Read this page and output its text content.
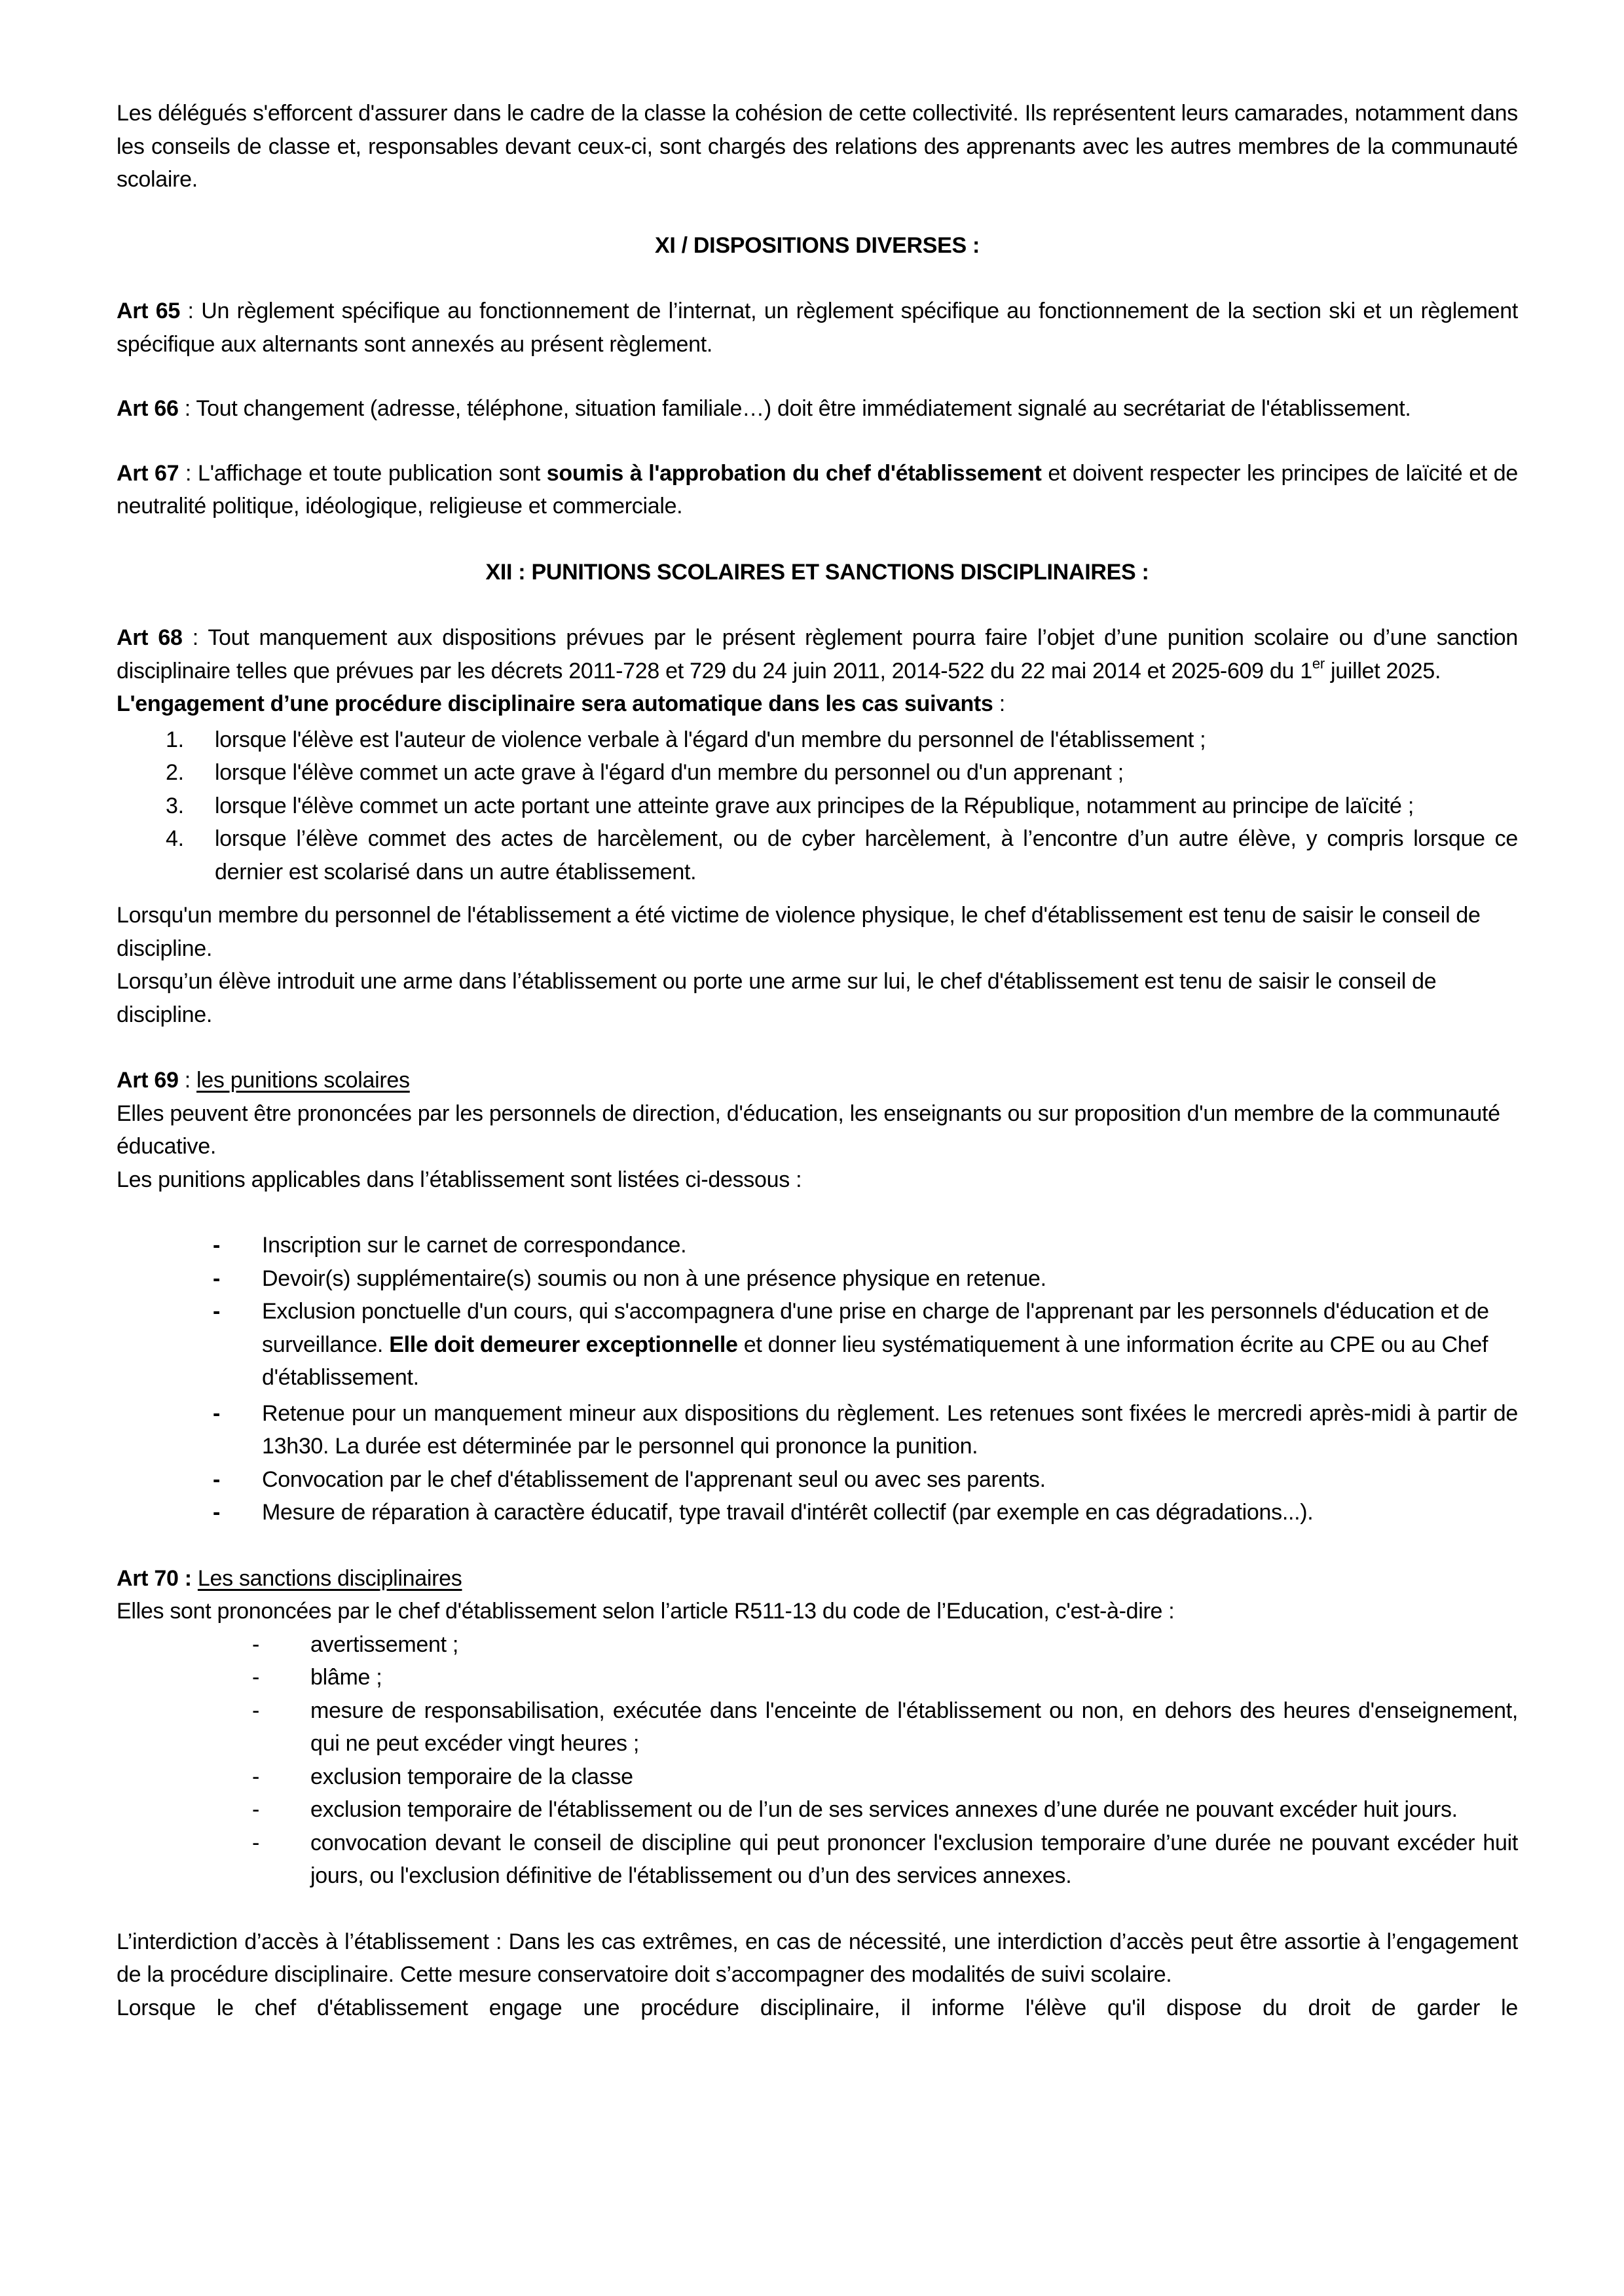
Les délégués s'efforcent d'assurer dans le cadre de la classe la cohésion de cette collectivité. Ils représentent leurs camarades, notamment dans les conseils de classe et, responsables devant ceux-ci, sont chargés des relations des apprenants avec les autres membres de la communauté scolaire.

XI / DISPOSITIONS DIVERSES :

Art 65 : Un règlement spécifique au fonctionnement de l’internat, un règlement spécifique au fonctionnement de la section ski et un règlement spécifique aux alternants sont annexés au présent règlement.

Art 66 : Tout changement (adresse, téléphone, situation familiale…) doit être immédiatement signalé au secrétariat de l'établissement.

Art 67 : L'affichage et toute publication sont soumis à l'approbation du chef d'établissement et doivent respecter les principes de laïcité et de neutralité politique, idéologique, religieuse et commerciale.

XII : PUNITIONS SCOLAIRES ET SANCTIONS DISCIPLINAIRES :

Art 68 : Tout manquement aux dispositions prévues par le présent règlement pourra faire l’objet d’une punition scolaire ou d’une sanction disciplinaire telles que prévues par les décrets 2011-728 et 729 du 24 juin 2011, 2014-522 du 22 mai 2014 et 2025-609 du 1er juillet 2025.

L'engagement d’une procédure disciplinaire sera automatique dans les cas suivants :

1. lorsque l'élève est l'auteur de violence verbale à l'égard d'un membre du personnel de l'établissement ;
2. lorsque l'élève commet un acte grave à l'égard d'un membre du personnel ou d'un apprenant ;
3. lorsque l'élève commet un acte portant une atteinte grave aux principes de la République, notamment au principe de laïcité ;
4. lorsque l’élève commet des actes de harcèlement, ou de cyber harcèlement, à l’encontre d’un autre élève, y compris lorsque ce dernier est scolarisé dans un autre établissement.

Lorsqu'un membre du personnel de l'établissement a été victime de violence physique, le chef d'établissement est tenu de saisir le conseil de discipline.

Lorsqu’un élève introduit une arme dans l’établissement ou porte une arme sur lui, le chef d'établissement est tenu de saisir le conseil de discipline.

Art 69 : les punitions scolaires

Elles peuvent être prononcées par les personnels de direction, d'éducation, les enseignants ou sur proposition d'un membre de la communauté éducative.

Les punitions applicables dans l’établissement sont listées ci-dessous :

- Inscription sur le carnet de correspondance.
- Devoir(s) supplémentaire(s) soumis ou non à une présence physique en retenue.
- Exclusion ponctuelle d'un cours, qui s'accompagnera d'une prise en charge de l'apprenant par les personnels d'éducation et de surveillance. Elle doit demeurer exceptionnelle et donner lieu systématiquement à une information écrite au CPE ou au Chef d'établissement.
- Retenue pour un manquement mineur aux dispositions du règlement. Les retenues sont fixées le mercredi après-midi à partir de 13h30. La durée est déterminée par le personnel qui prononce la punition.
- Convocation par le chef d'établissement de l'apprenant seul ou avec ses parents.
- Mesure de réparation à caractère éducatif, type travail d'intérêt collectif (par exemple en cas dégradations...).

Art 70 : Les sanctions disciplinaires

Elles sont prononcées par le chef d'établissement selon l’article R511-13 du code de l’Education, c'est-à-dire :

- avertissement ;
- blâme ;
- mesure de responsabilisation, exécutée dans l'enceinte de l'établissement ou non, en dehors des heures d'enseignement, qui ne peut excéder vingt heures ;
- exclusion temporaire de la classe
- exclusion temporaire de l'établissement ou de l’un de ses services annexes d’une durée ne pouvant excéder huit jours.
- convocation devant le conseil de discipline qui peut prononcer l'exclusion temporaire d’une durée ne pouvant excéder huit jours, ou l'exclusion définitive de l'établissement ou d’un des services annexes.

L’interdiction d’accès à l’établissement : Dans les cas extrêmes, en cas de nécessité, une interdiction d’accès peut être assortie à l’engagement de la procédure disciplinaire. Cette mesure conservatoire doit s’accompagner des modalités de suivi scolaire.

Lorsque le chef d'établissement engage une procédure disciplinaire, il informe l'élève qu'il dispose du droit de garder le
